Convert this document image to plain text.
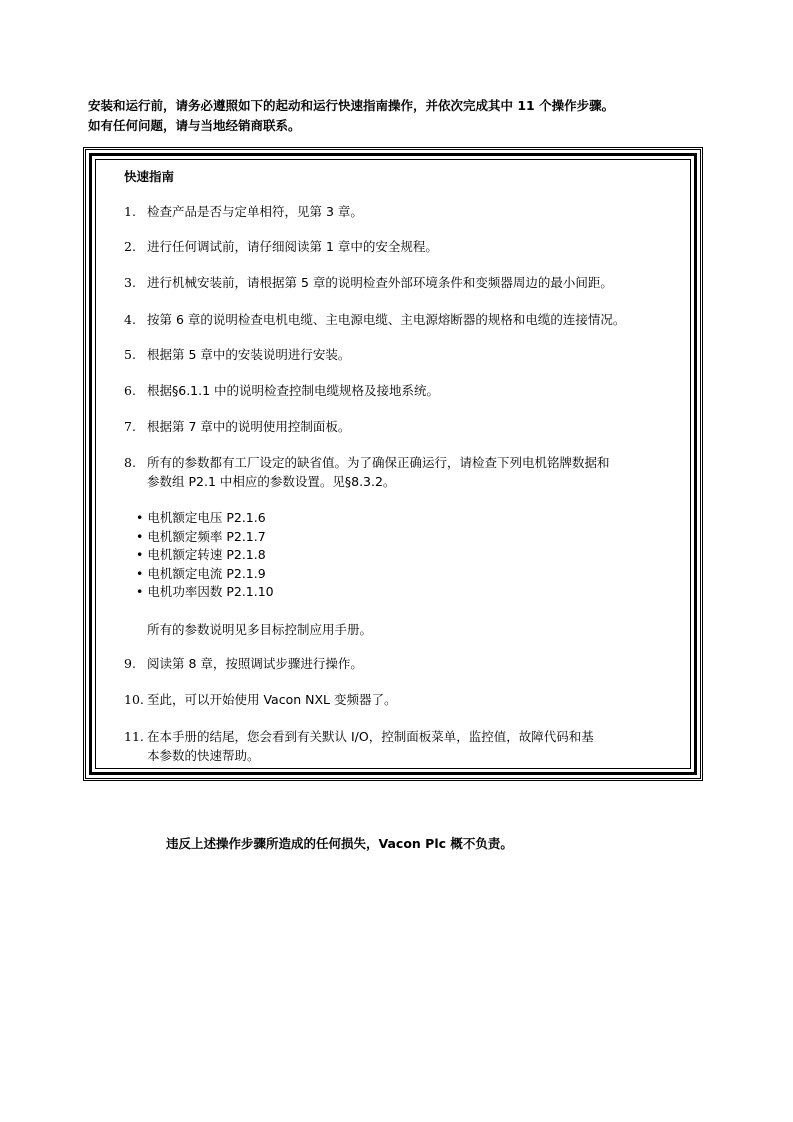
安装和运行前，请务必遵照如下的起动和运行快速指南操作，并依次完成其中 11 个操作步骤。
如有任何问题，请与当地经销商联系。
快速指南
1. 检查产品是否与定单相符，见第 3 章。
2. 进行任何调试前，请仔细阅读第 1 章中的安全规程。
3. 进行机械安装前，请根据第 5 章的说明检查外部环境条件和变频器周边的最小间距。
4. 按第 6 章的说明检查电机电缆、主电源电缆、主电源熔断器的规格和电缆的连接情况。
5. 根据第 5 章中的安装说明进行安装。
6. 根据§6.1.1 中的说明检查控制电缆规格及接地系统。
7. 根据第 7 章中的说明使用控制面板。
8. 所有的参数都有工厂设定的缺省值。为了确保正确运行，请检查下列电机铭牌数据和
参数组 P2.1 中相应的参数设置。见§8.3.2。
9. 阅读第 8 章，按照调试步骤进行操作。
10. 至此，可以开始使用 Vacon NXL 变频器了。
11. 在本手册的结尾，您会看到有关默认 I/O，控制面板菜单，监控值，故障代码和基
本参数的快速帮助。
• 电机额定电压 P2.1.6
• 电机额定频率 P2.1.7
• 电机额定转速 P2.1.8
• 电机额定电流 P2.1.9
• 电机功率因数 P2.1.10
所有的参数说明见多目标控制应用手册。
违反上述操作步骤所造成的任何损失，Vacon Plc 概不负责。
